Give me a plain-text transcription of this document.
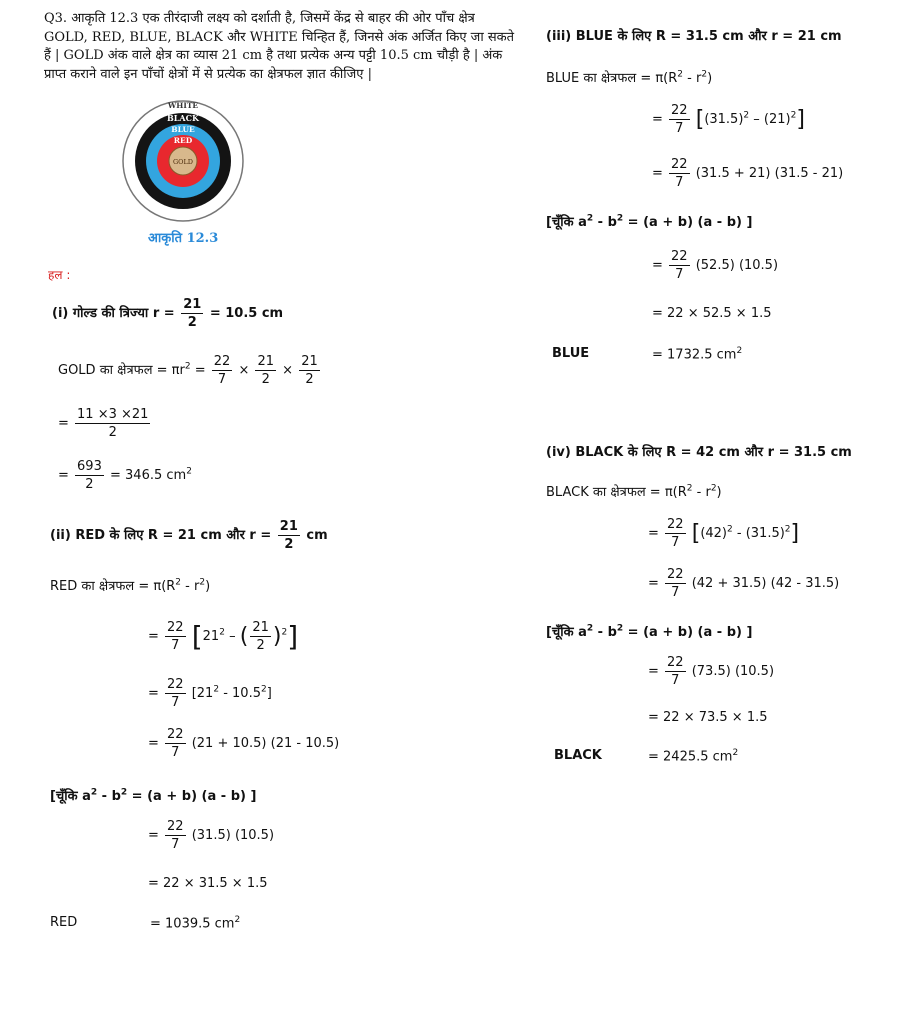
Q3. आकृति 12.3 एक तीरंदाजी लक्ष्य को दर्शाती है, जिसमें केंद्र से बाहर की ओर पाँच क्षेत्र GOLD, RED, BLUE, BLACK और WHITE चिन्हित हैं, जिनसे अंक अर्जित किए जा सकते हैं | GOLD अंक वाले क्षेत्र का व्यास 21 cm है तथा प्रत्येक अन्य पट्टी 10.5 cm चौड़ी है | अंक प्राप्त कराने वाले इन पाँचों क्षेत्रों में से प्रत्येक का क्षेत्रफल ज्ञात कीजिए |
WHITE
BLACK
BLUE
RED
GOLD
आकृति 12.3
हल :
(i) गोल्ड की त्रिज्या $r = \frac{21}{2} = 10.5$ cm
GOLD का क्षेत्रफल = $\pi r^2 = \frac{22}{7} \times \frac{21}{2} \times \frac{21}{2}$
= $\frac{11 \times 3 \times 21}{2}$
= $\frac{693}{2} = 346.5$ $cm^2$
(ii) RED के लिए R = 21 cm और $r = \frac{21}{2}$ cm
RED का क्षेत्रफल = $\pi(R^2 - r^2)$
= $\frac{22}{7} [21^2$ – ( $\frac{21}{2} )^2$]
= $\frac{22}{7} [21^2 - 10.5^2]$
= $\frac{22}{7} (21 + 10.5)$ (21 - 10.5)
[चूँकि $a^2 - b^2 = (a + b)$ (a - b) ]
= $\frac{22}{7} (31.5)$ (10.5)
= 22 × 31.5 × 1.5
RED	= 1039.5 $cm^2$
(iii) BLUE के लिए R = 31.5 cm और r = 21 cm
BLUE का क्षेत्रफल = $\pi(R^2 - r^2)$
= $\frac{22}{7} [(31.5)^2 - (21)^2]$
= $\frac{22}{7} (31.5 + 21)$ (31.5 - 21)
[चूँकि $a^2 - b^2 = (a + b)$ (a - b) ]
= $\frac{22}{7} (52.5)$ (10.5)
= 22 × 52.5 × 1.5
BLUE	= 1732.5 $cm^2$
(iv) BLACK के लिए R = 42 cm और r = 31.5 cm
BLACK का क्षेत्रफल = $\pi(R^2 - r^2)$
= $\frac{22}{7} [(42)^2 - (31.5)^2]$
= $\frac{22}{7} (42 + 31.5)$ (42 - 31.5)
[चूँकि $a^2 - b^2 = (a + b)$ (a - b) ]
= $\frac{22}{7} (73.5)$ (10.5)
= 22 × 73.5 × 1.5
BLACK	= 2425.5 $cm^2$
